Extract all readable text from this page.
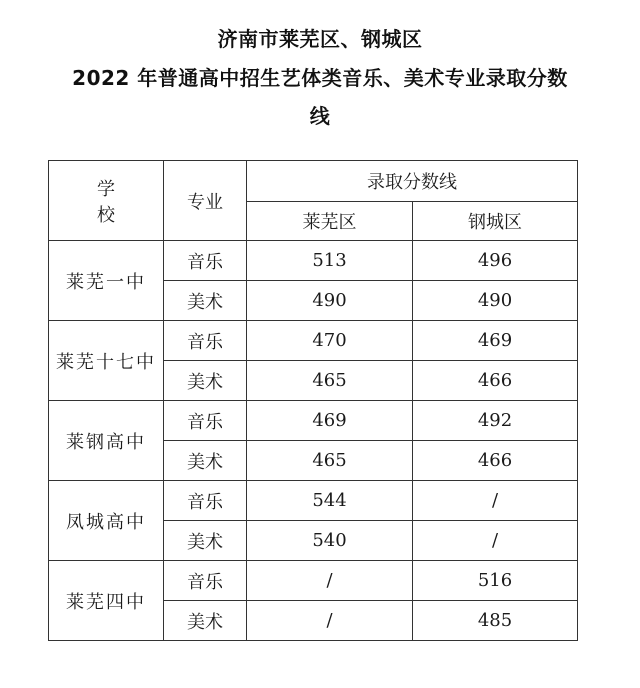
济南市莱芜区、钢城区
2022 年普通高中招生艺体类音乐、美术专业录取分数
线
学校	专业	录取分数线	
		莱芜区	钢城区
莱芜一中	音乐	513	496
	美术	490	490
莱芜十七中	音乐	470	469
	美术	465	466
莱钢高中	音乐	469	492
	美术	465	466
凤城高中	音乐	544	/
	美术	540	/
莱芜四中	音乐	/	516
	美术	/	485
